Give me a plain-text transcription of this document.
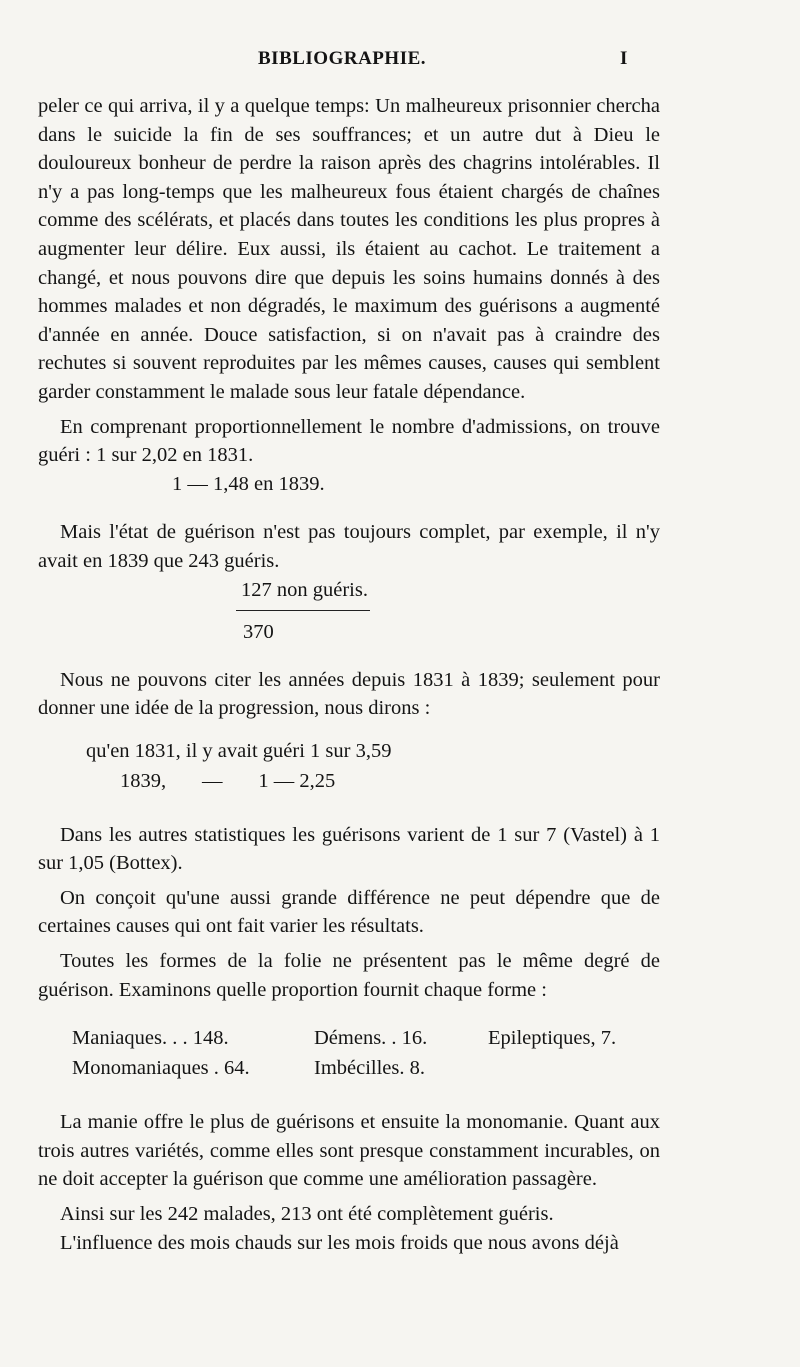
BIBLIOGRAPHIE.	I

peler ce qui arriva, il y a quelque temps: Un malheureux prisonnier chercha dans le suicide la fin de ses souffrances; et un autre dut à Dieu le douloureux bonheur de perdre la raison après des chagrins intolérables. Il n'y a pas long-temps que les malheureux fous étaient chargés de chaînes comme des scélérats, et placés dans toutes les conditions les plus propres à augmenter leur délire. Eux aussi, ils étaient au cachot. Le traitement a changé, et nous pouvons dire que depuis les soins humains donnés à des hommes malades et non dégradés, le maximum des guérisons a augmenté d'année en année. Douce satisfaction, si on n'avait pas à craindre des rechutes si souvent reproduites par les mêmes causes, causes qui semblent garder constamment le malade sous leur fatale dépendance.

En comprenant proportionnellement le nombre d'admissions, on trouve guéri : 1 sur 2,02 en 1831.

1 — 1,48 en 1839.

Mais l'état de guérison n'est pas toujours complet, par exemple, il n'y avait en 1839 que 243 guéris.

127 non guéris.
370

Nous ne pouvons citer les années depuis 1831 à 1839; seulement pour donner une idée de la progression, nous dirons :

qu'en 1831, il y avait guéri 1 sur 3,59
1839,       —       1 — 2,25

Dans les autres statistiques les guérisons varient de 1 sur 7 (Vastel) à 1 sur 1,05 (Bottex).

On conçoit qu'une aussi grande différence ne peut dépendre que de certaines causes qui ont fait varier les résultats.

Toutes les formes de la folie ne présentent pas le même degré de guérison. Examinons quelle proportion fournit chaque forme :

Maniaques. . . 148.	Démens. . 16.	Epileptiques, 7.
Monomaniaques . 64.	Imbécilles. 8.

La manie offre le plus de guérisons et ensuite la monomanie. Quant aux trois autres variétés, comme elles sont presque constamment incurables, on ne doit accepter la guérison que comme une amélioration passagère.

Ainsi sur les 242 malades, 213 ont été complètement guéris.

L'influence des mois chauds sur les mois froids que nous avons déjà
